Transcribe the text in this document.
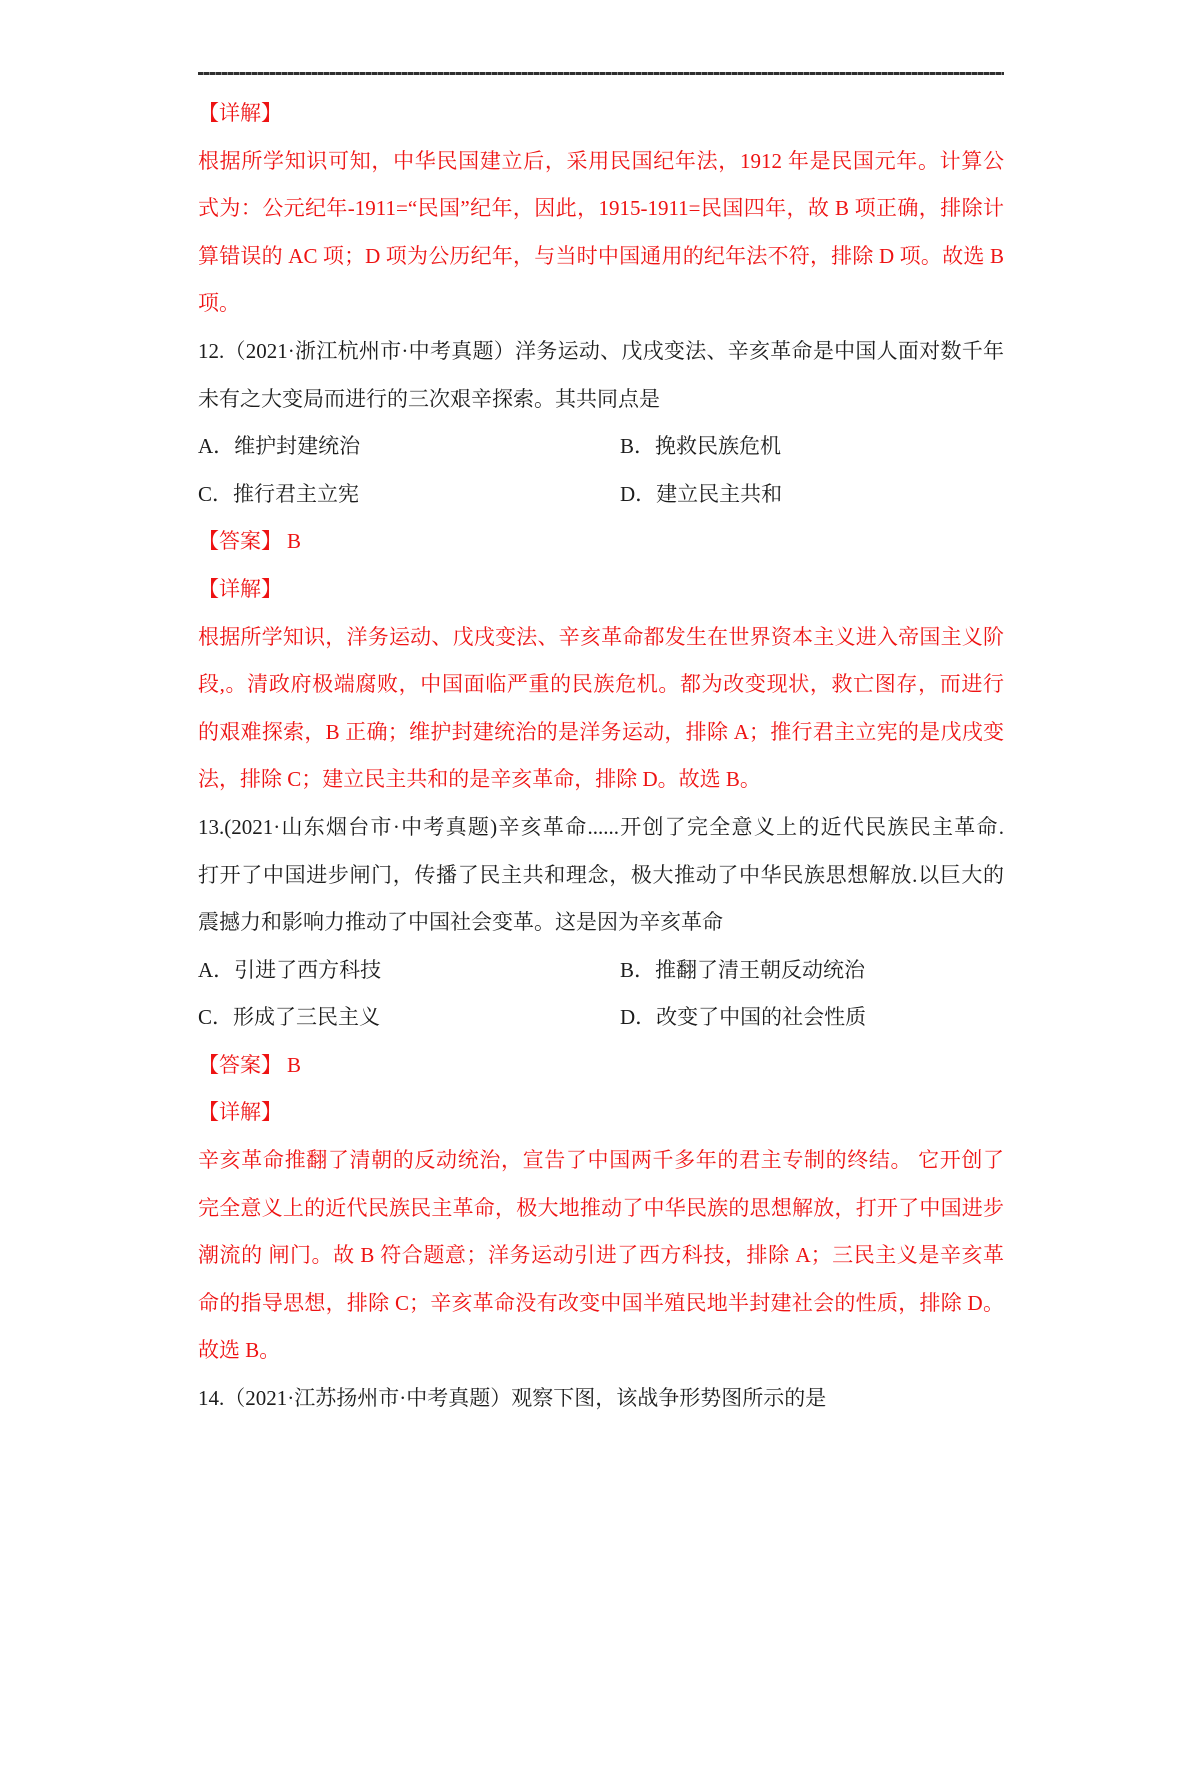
【详解】
根据所学知识可知，中华民国建立后，采用民国纪年法，1912 年是民国元年。计算公
式为：公元纪年-1911=“民国”纪年，因此，1915-1911=民国四年，故 B 项正确，排除计
算错误的 AC 项；D 项为公历纪年，与当时中国通用的纪年法不符，排除 D 项。故选 B
项。
12.（2021·浙江杭州市·中考真题）洋务运动、戊戌变法、辛亥革命是中国人面对数千年
未有之大变局而进行的三次艰辛探索。其共同点是
A．维护封建统治	B．挽救民族危机
C．推行君主立宪	D．建立民主共和
【答案】 B
【详解】
根据所学知识，洋务运动、戊戌变法、辛亥革命都发生在世界资本主义进入帝国主义阶
段,。清政府极端腐败，中国面临严重的民族危机。都为改变现状，救亡图存，而进行
的艰难探索，B 正确；维护封建统治的是洋务运动，排除 A；推行君主立宪的是戊戌变
法，排除 C；建立民主共和的是辛亥革命，排除 D。故选 B。
13.(2021·山东烟台市·中考真题)辛亥革命......开创了完全意义上的近代民族民主革命.
打开了中国进步闸门，传播了民主共和理念，极大推动了中华民族思想解放.以巨大的
震撼力和影响力推动了中国社会变革。这是因为辛亥革命
A．引进了西方科技	B．推翻了清王朝反动统治
C．形成了三民主义	D．改变了中国的社会性质
【答案】 B
【详解】
辛亥革命推翻了清朝的反动统治，宣告了中国两千多年的君主专制的终结。 它开创了
完全意义上的近代民族民主革命，极大地推动了中华民族的思想解放，打开了中国进步
潮流的 闸门。故 B 符合题意；洋务运动引进了西方科技，排除 A；三民主义是辛亥革
命的指导思想，排除 C；辛亥革命没有改变中国半殖民地半封建社会的性质，排除 D。
故选 B。
14.（2021·江苏扬州市·中考真题）观察下图，该战争形势图所示的是
